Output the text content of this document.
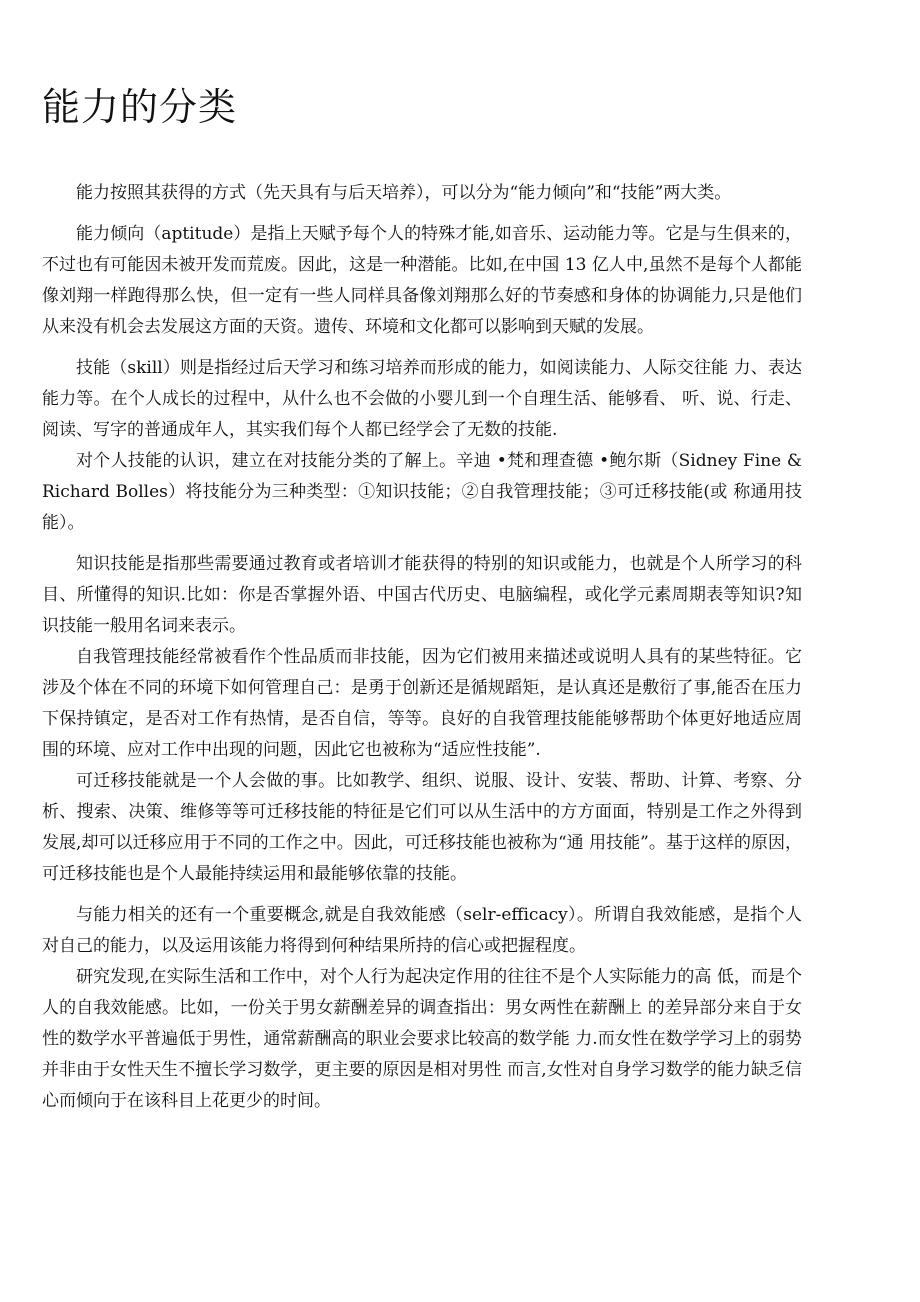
能力的分类

能力按照其获得的方式（先天具有与后天培养），可以分为“能力倾向”和“技能”两大类。

能力倾向（aptitude）是指上天赋予每个人的特殊才能,如音乐、运动能力等。它是与生俱来的，不过也有可能因未被开发而荒废。因此，这是一种潜能。比如,在中国 13 亿人中,虽然不是每个人都能像刘翔一样跑得那么快，但一定有一些人同样具备像刘翔那么好的节奏感和身体的协调能力,只是他们从来没有机会去发展这方面的天资。遗传、环境和文化都可以影响到天赋的发展。

技能（skill）则是指经过后天学习和练习培养而形成的能力，如阅读能力、人际交往能 力、表达能力等。在个人成长的过程中，从什么也不会做的小婴儿到一个自理生活、能够看、 听、说、行走、阅读、写字的普通成年人，其实我们每个人都已经学会了无数的技能.

对个人技能的认识，建立在对技能分类的了解上。辛迪 •梵和理查德 •鲍尔斯（Sidney Fine & Richard Bolles）将技能分为三种类型：①知识技能；②自我管理技能；③可迁移技能(或 称通用技能）。

知识技能是指那些需要通过教育或者培训才能获得的特别的知识或能力，也就是个人所学习的科目、所懂得的知识.比如：你是否掌握外语、中国古代历史、电脑编程，或化学元素周期表等知识?知识技能一般用名词来表示。

自我管理技能经常被看作个性品质而非技能，因为它们被用来描述或说明人具有的某些特征。它涉及个体在不同的环境下如何管理自己：是勇于创新还是循规蹈矩，是认真还是敷衍了事,能否在压力下保持镇定，是否对工作有热情，是否自信，等等。良好的自我管理技能能够帮助个体更好地适应周围的环境、应对工作中出现的问题，因此它也被称为“适应性技能”.

可迁移技能就是一个人会做的事。比如教学、组织、说服、设计、安装、帮助、计算、考察、分析、搜索、决策、维修等等可迁移技能的特征是它们可以从生活中的方方面面，特别是工作之外得到发展,却可以迁移应用于不同的工作之中。因此，可迁移技能也被称为“通 用技能”。基于这样的原因，可迁移技能也是个人最能持续运用和最能够依靠的技能。

与能力相关的还有一个重要概念,就是自我效能感（selr-efficacy）。所谓自我效能感，是指个人对自己的能力，以及运用该能力将得到何种结果所持的信心或把握程度。

研究发现,在实际生活和工作中，对个人行为起决定作用的往往不是个人实际能力的高 低，而是个人的自我效能感。比如，一份关于男女薪酬差异的调查指出：男女两性在薪酬上 的差异部分来自于女性的数学水平普遍低于男性，通常薪酬高的职业会要求比较高的数学能 力.而女性在数学学习上的弱势并非由于女性天生不擅长学习数学，更主要的原因是相对男性 而言,女性对自身学习数学的能力缺乏信心而倾向于在该科目上花更少的时间。
